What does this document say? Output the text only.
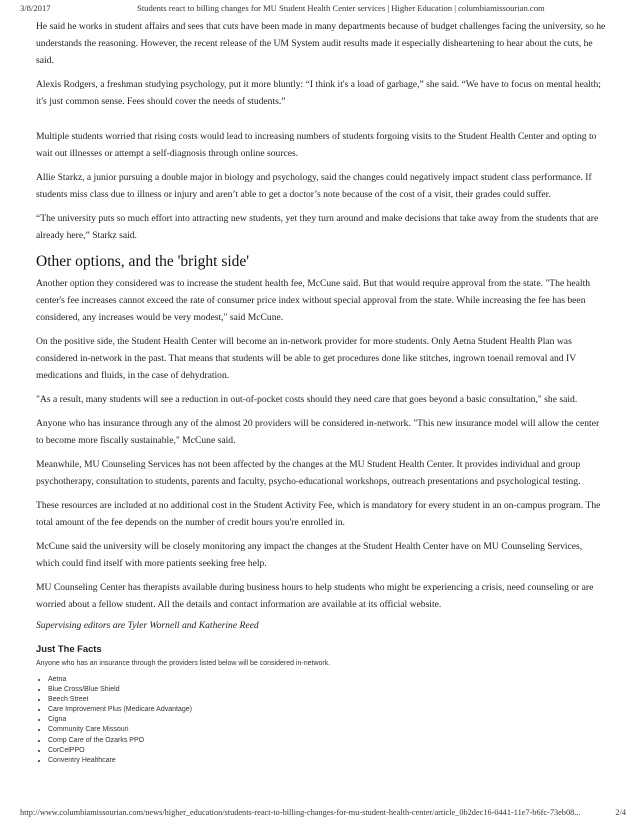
3/8/2017	Students react to billing changes for MU Student Health Center services | Higher Education | columbiamissourian.com

He said he works in student affairs and sees that cuts have been made in many departments because of budget challenges facing the university, so he understands the reasoning. However, the recent release of the UM System audit results made it especially disheartening to hear about the cuts, he said.

Alexis Rodgers, a freshman studying psychology, put it more bluntly: “I think it's a load of garbage,” she said. “We have to focus on mental health; it's just common sense. Fees should cover the needs of students.”

Multiple students worried that rising costs would lead to increasing numbers of students forgoing visits to the Student Health Center and opting to wait out illnesses or attempt a self-diagnosis through online sources.

Allie Starkz, a junior pursuing a double major in biology and psychology, said the changes could negatively impact student class performance. If students miss class due to illness or injury and aren’t able to get a doctor’s note because of the cost of a visit, their grades could suffer.

“The university puts so much effort into attracting new students, yet they turn around and make decisions that take away from the students that are already here,” Starkz said.

Other options, and the 'bright side'

Another option they considered was to increase the student health fee, McCune said. But that would require approval from the state. "The health center's fee increases cannot exceed the rate of consumer price index without special approval from the state. While increasing the fee has been considered, any increases would be very modest," said McCune.

On the positive side, the Student Health Center will become an in-network provider for more students. Only Aetna Student Health Plan was considered in-network in the past. That means that students will be able to get procedures done like stitches, ingrown toenail removal and IV medications and fluids, in the case of dehydration.

"As a result, many students will see a reduction in out-of-pocket costs should they need care that goes beyond a basic consultation," she said.

Anyone who has insurance through any of the almost 20 providers will be considered in-network. "This new insurance model will allow the center to become more fiscally sustainable," McCune said.

Meanwhile, MU Counseling Services has not been affected by the changes at the MU Student Health Center. It provides individual and group psychotherapy, consultation to students, parents and faculty, psycho-educational workshops, outreach presentations and psychological testing.

These resources are included at no additional cost in the Student Activity Fee, which is mandatory for every student in an on-campus program. The total amount of the fee depends on the number of credit hours you're enrolled in.

McCune said the university will be closely monitoring any impact the changes at the Student Health Center have on MU Counseling Services, which could find itself with more patients seeking free help.

MU Counseling Center has therapists available during business hours to help students who might be experiencing a crisis, need counseling or are worried about a fellow student. All the details and contact information are available at its official website.

Supervising editors are Tyler Wornell and Katherine Reed

Just The Facts
Anyone who has an insurance through the providers listed below will be considered in-network.
• Aetna
• Blue Cross/Blue Shield
• Beech Street
• Care Improvement Plus (Medicare Advantage)
• Cigna
• Community Care Missouri
• Comp Care of the Ozarks PPO
• CorCelPPO
• Conventry Healthcare
http://www.columbiamissourian.com/news/higher_education/students-react-to-billing-changes-for-mu-student-health-center/article_0b2dec16-0441-11e7-b6fc-73eb08...	2/4
